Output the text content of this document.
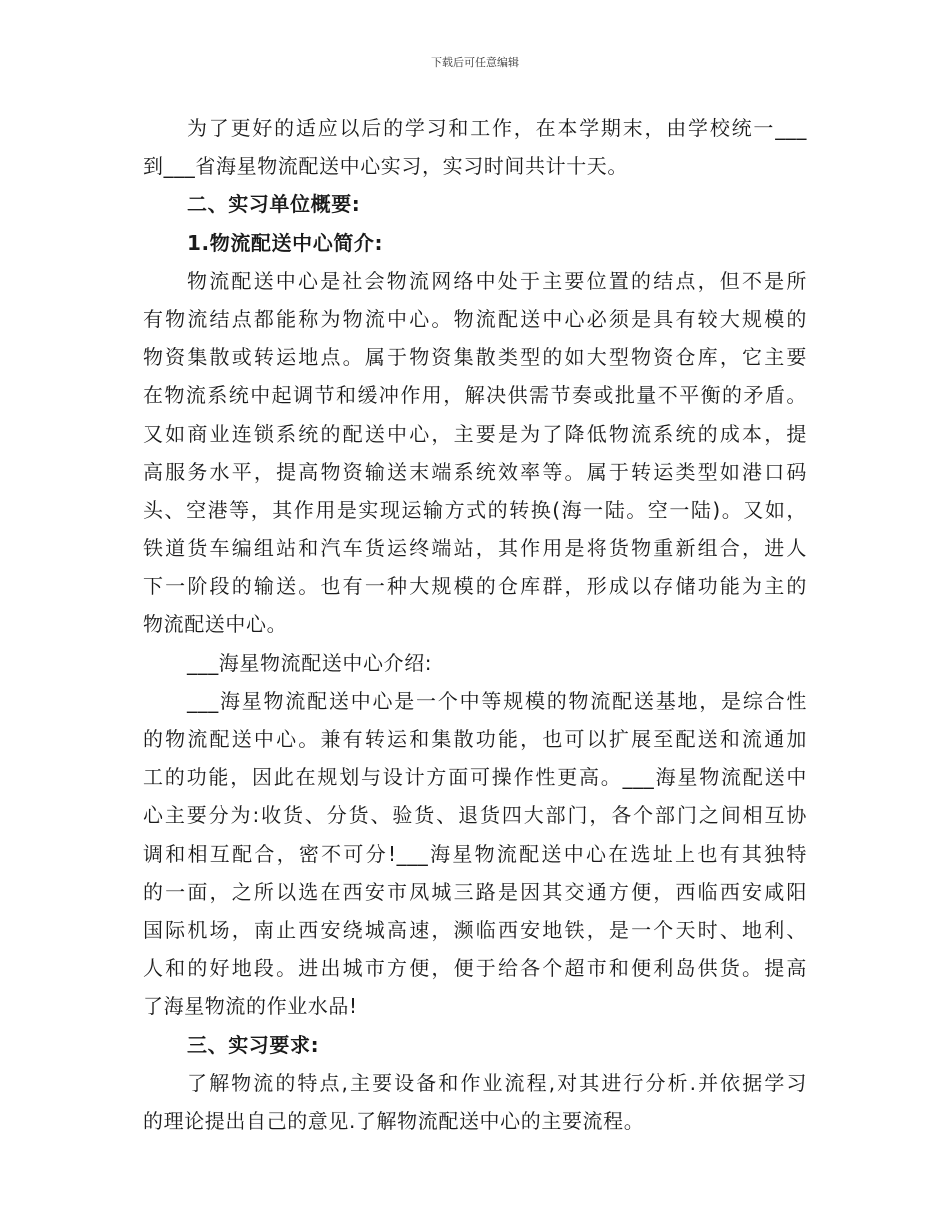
下载后可任意编辑
为了更好的适应以后的学习和工作，在本学期末，由学校统一___
到___省海星物流配送中心实习，实习时间共计十天。
二、实习单位概要:
1.物流配送中心简介:
物流配送中心是社会物流网络中处于主要位置的结点，但不是所
有物流结点都能称为物流中心。物流配送中心必须是具有较大规模的
物资集散或转运地点。属于物资集散类型的如大型物资仓库，它主要
在物流系统中起调节和缓冲作用，解决供需节奏或批量不平衡的矛盾。
又如商业连锁系统的配送中心，主要是为了降低物流系统的成本，提
高服务水平，提高物资输送末端系统效率等。属于转运类型如港口码
头、空港等，其作用是实现运输方式的转换(海一陆。空一陆)。又如，
铁道货车编组站和汽车货运终端站，其作用是将货物重新组合，进人
下一阶段的输送。也有一种大规模的仓库群，形成以存储功能为主的
物流配送中心。
___海星物流配送中心介绍:
___海星物流配送中心是一个中等规模的物流配送基地，是综合性
的物流配送中心。兼有转运和集散功能，也可以扩展至配送和流通加
工的功能，因此在规划与设计方面可操作性更高。___海星物流配送中
心主要分为:收货、分货、验货、退货四大部门，各个部门之间相互协
调和相互配合，密不可分!___海星物流配送中心在选址上也有其独特
的一面，之所以选在西安市凤城三路是因其交通方便，西临西安咸阳
国际机场，南止西安绕城高速，濒临西安地铁，是一个天时、地利、
人和的好地段。进出城市方便，便于给各个超市和便利岛供货。提高
了海星物流的作业水品!
三、实习要求:
了解物流的特点,主要设备和作业流程,对其进行分析.并依据学习
的理论提出自己的意见.了解物流配送中心的主要流程。
